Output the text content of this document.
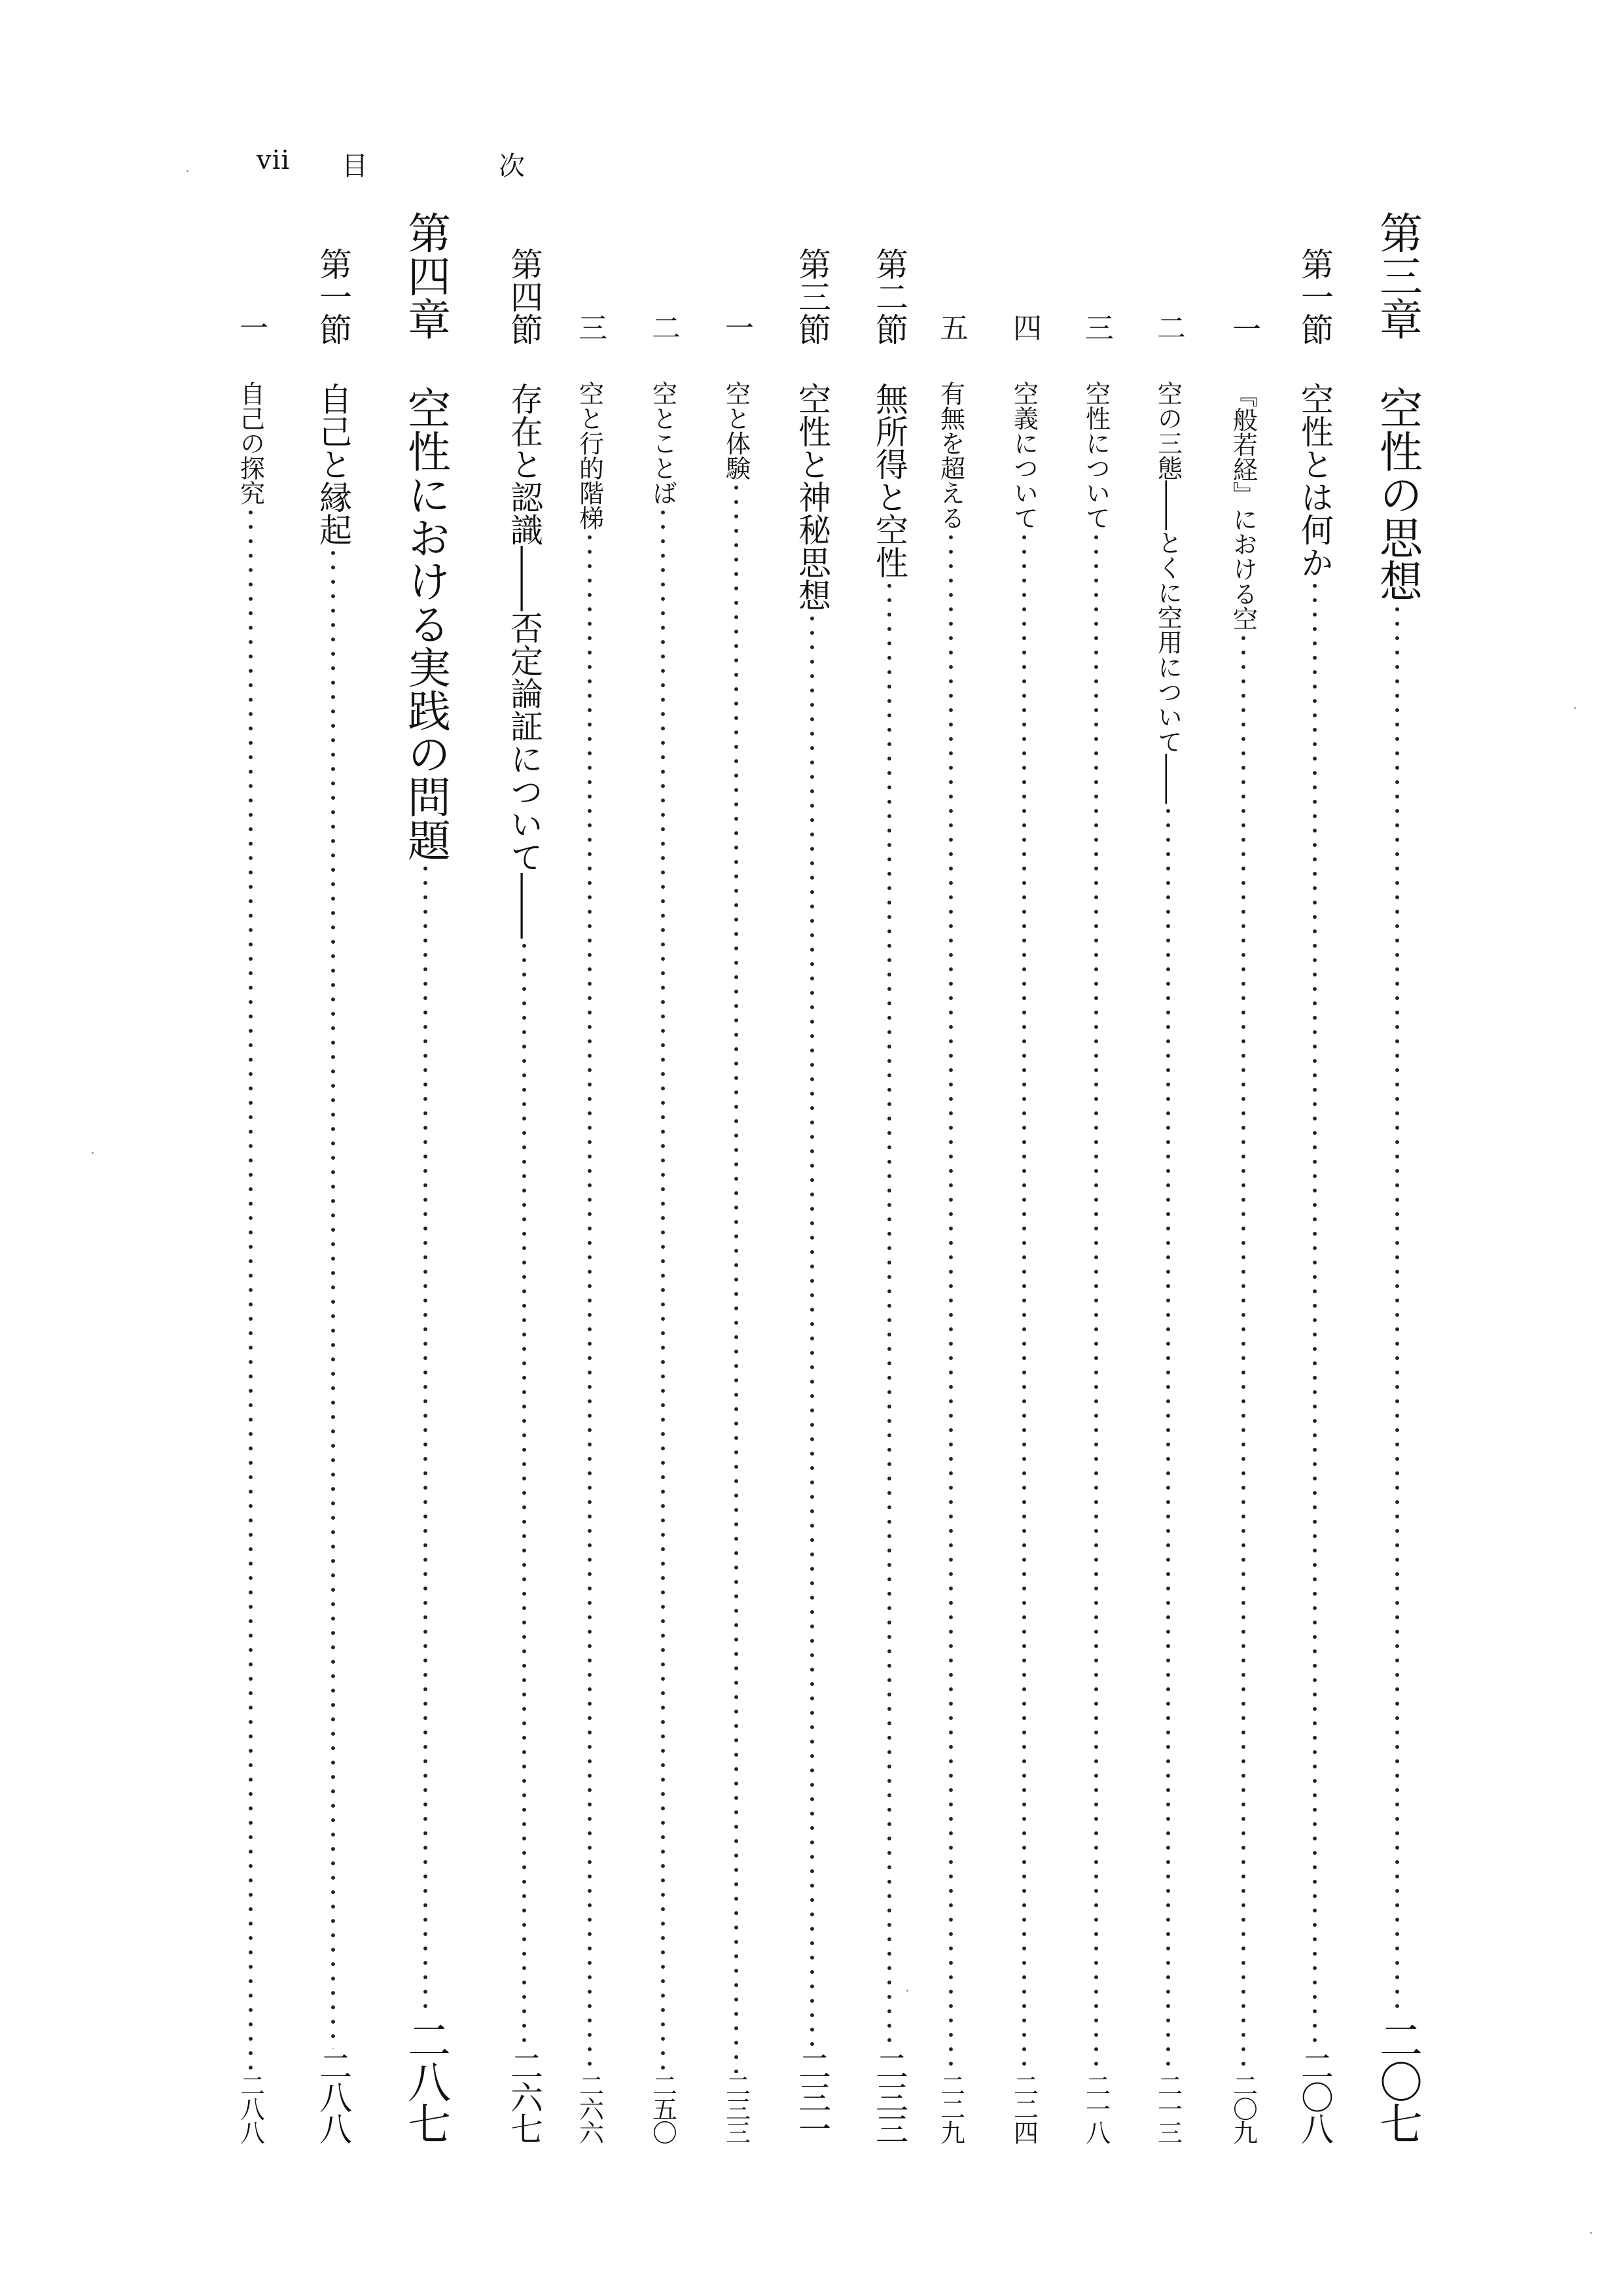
vii 目	次
第三章
空性の思想
二〇七
第一節
空性とは何か
二〇八
一
『般若経』における空
二〇九
二
空の三態――とくに空用について――
二一三
三
空性について
二一八
四
空義について
二二四
五
有無を超える
二二九
第二節
無所得と空性
二三三
第三節
空性と神秘思想
二三一
一
空と体験
二三三
二
空とことば
二五〇
三
空と行的階梯
二六六
第四節
存在と認識――否定論証について――
二六七
第四章
空性における実践の問題
二八七
第一節
自己と縁起
二八八
一
自己の探究
二八八
